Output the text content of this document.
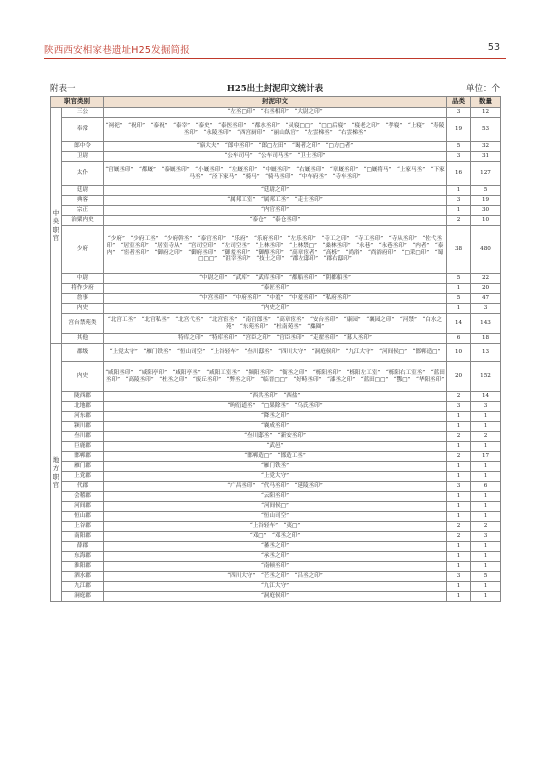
陕西西安相家巷遗址H25发掘简报	53
附表一	H25出土封泥印文统计表	单位：个
职官类别		封泥印文	品类	数量

中央职官	三公	“左丞□印”　“右丞相印”　“大尉之印”	3	12
	奉常	“祠祀”　“祝印”　“泰祝”　“泰宰”　“泰史”　“泰医丞印”　“都水丞印”　“灵寝□□”　“□□后寝”　“寝老之印”　“孝寝”　“上寝”　“寿陵丞印”　“永陵丞印”　“西宫厨印”　“丽山飤官”　“左雲梯丞”　“右雲梯丞”	19	53
	郎中令	“寤大夫”　“郎中丞印”　“郎□左田”　“谒者之印”　“□方□者”	5	32
	卫尉	“公车司马”　“公车司马丞”　“卫士丞印”	3	31
	太仆	“宫厩丞印”　“都厩”　“泰厩丞印”　“小厩丞印”　“左厩丞印”　“中厩丞印”　“右厩丞印”　“章厩丞印”　“□厩将马”　“上家马丞”　“下家马丞”　“泾下家马”　“骑马”　“骑马丞印”　“中车府丞”　“寺车丞印”	16	127
	廷尉	“廷尉之印”	1	5
	典客	“属邦工室”　“属邦工丞”　“走士丞印”	3	19
	宗正	“内官丞印”	1	30
	治粟内史	“泰仓”　“泰仓丞印”	2	10
	少府	“少府”　“少府工丞”　“少府幹丞”　“泰官丞印”　“乐府”　“乐府丞印”　“左乐丞印”　“寺工之印”　“寺工丞印”　“寺从丞印”　“佐弋丞印”　“居室丞印”　“居室寺从”　“宫司空印”　“左司空丞”　“上林丞印”　“上林禁□”　“桑林丞印”　“永巷”　“永巷丞印”　“内者”　“泰内”　“宦者丞印”　“御府之印”　“御府丞印”　“御羞丞印”　“御醇丞印”　“高章宦者”　“高栎”　“尚浴”　“尚浴府印”　“□采□印”　“蜀□□□”　“沮宰丞印”　“技士之印”　“郡左邸印”　“郡右邸印”	38	480
	中尉	“中尉之印”　“武库”　“武库丞印”　“都船丞印”　“阴都船丞”	5	22
	将作少府	“泰匠丞印”	1	20
	詹事	“中宫丞印”　“中府丞印”　“中羞”　“中羞丞印”　“私府丞印”	5	47
	内史	“内史之印”	1	3
	宫台禁苑类	“北宫工丞”　“北宫私丞”　“北宫弋丞”　“北宫宦丞”　“南宫郎丞”　“高章宦丞”　“安台丞印”　“康园”　“襄园之印”　“河禁”　“白水之苑”　“东苑丞印”　“杜南苑丞”　“麋圈”	14	143
	其他	特库之印”　“特库丞印”　“宫臣之印”　“官臣丞印”　“走翟丞印”　“募人丞印”	6	18

地方职官	郡级	“上党太守”　“雁门铁丞”　“恒山司空”　“上谷轻车”　“叁川邸丞”　“四川大守”　“洞庭侯印”　“九江大守”　“河间侯□”　“邯郸造□”	10	13
	内史	“咸阳丞印”　“咸阳亭印”　“咸阳亭丞”　“咸阳工室丞”　“频阳丞印”　“衙丞之印”　“栎阳丞印”　“栎阳左工室”　“栎阳右工室丞”　“蓝田丞印”　“高陵丞印”　“杜丞之印”　“废丘丞印”　“弊丞之印”　“临晋□□”　“好畤丞印”　“漆丞之印”　“蓝田□□”　“酆□”　“华阳丞印”	20	152
	陇西郡	“西共丞印”　“西盐”	2	14
	北地郡	“昫衍道丞”　“□果除丞”　“乌氏丞印”	3	3
	河东郡	“降丞之印”	1	1
	颍川郡	“襄成丞印”	1	1
	叁川郡	“叁川邸丞”　“新安丞印”	2	2
	巨鹿郡	“武邑”	1	1
	邯郸郡	“邯郸造□”　“邯造工丞”	2	17
	雁门郡	“雁门铁丞”	1	1
	上党郡	“上党大守”	1	1
	代郡	“广昌丞印”　“代马丞印”　“延陵丞印”	3	6
	会稽郡	“云阳丞印”	1	1
	河间郡	“河间侯□”	1	1
	恒山郡	“恒山司空”	1	1
	上谷郡	“上谷轻车”　“夷□”	2	2
	南阳郡	“邓□”　“邓丞之印”	2	3
	薛郡	“蕃丞之印”	1	1
	东海郡	“承丞之印”	1	1
	淮阳郡	“南顿丞印”	1	1
	泗水郡	“四川大守”　“芒丞之印”　“吕丞之印”	3	5
	九江郡	“九江大守”	1	1
	洞庭郡	“洞庭侯印”	1	1
